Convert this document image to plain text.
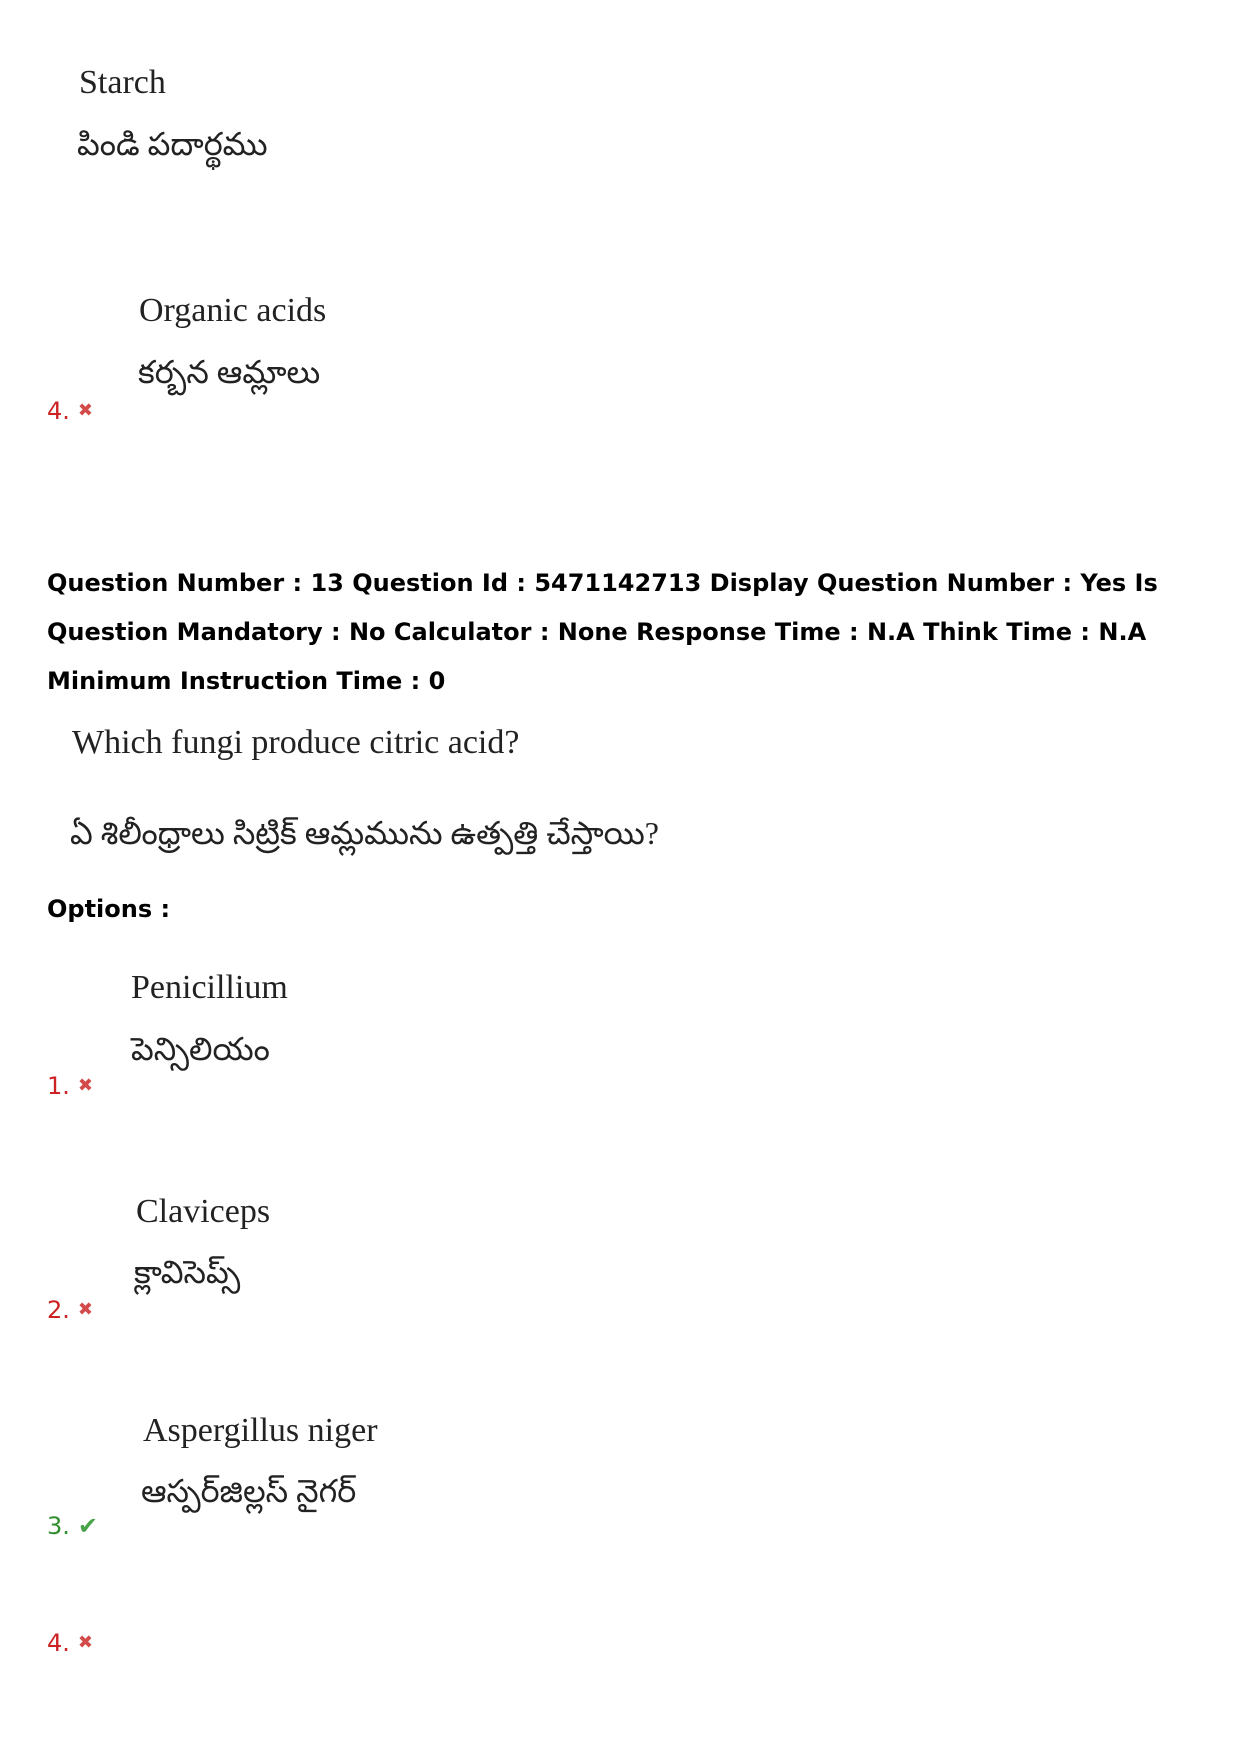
Starch
పిండి పదార్థము
Organic acids
కర్బన ఆమ్లాలు
4. ✖
Question Number : 13 Question Id : 5471142713 Display Question Number : Yes Is Question Mandatory : No Calculator : None Response Time : N.A Think Time : N.A Minimum Instruction Time : 0
Which fungi produce citric acid?
ఏ శిలీంధ్రాలు సిట్రిక్ ఆమ్లమును ఉత్పత్తి చేస్తాయి?
Options :
Penicillium
పెన్సిలియం
1. ✖
Claviceps
క్లావిసెప్స్
2. ✖
Aspergillus niger
ఆస్పర్‌జిల్లస్ నైగర్
3. ✔
4. ✖
